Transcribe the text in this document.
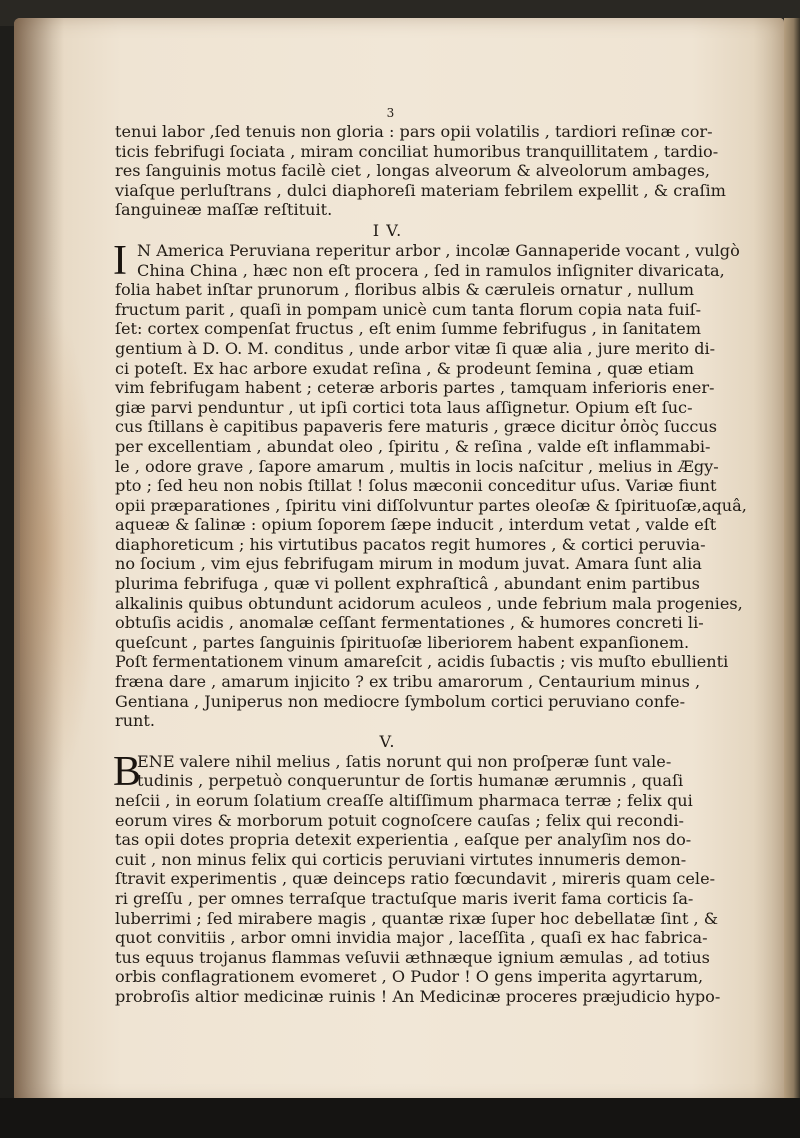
3
tenui labor ,ſed tenuis non gloria : pars opii volatilis , tardiori reſinæ cor-
ticis febrifugi ſociata , miram conciliat humoribus tranquillitatem , tardio-
res ſanguinis motus facilè ciet , longas alveorum & alveolorum ambages,
viaſque perluſtrans , dulci diaphoreſi materiam febrilem expellit , & craſim
ſanguineæ maſſæ reſtituit.
I V.
I N America Peruviana reperitur arbor , incolæ Gannaperide vocant , vulgò
China China , hæc non eſt procera , ſed in ramulos inſigniter divaricata,
folia habet inſtar prunorum , floribus albis & cæruleis ornatur , nullum
fructum parit , quaſi in pompam unicè cum tanta florum copia nata fuiſ-
ſet: cortex compenſat fructus , eſt enim ſumme febrifugus , in ſanitatem
gentium à D. O. M. conditus , unde arbor vitæ ſi quæ alia , jure merito di-
ci poteſt. Ex hac arbore exudat reſina , & prodeunt ſemina , quæ etiam
vim febrifugam habent ; ceteræ arboris partes , tamquam inferioris ener-
giæ parvi penduntur , ut ipſi cortici tota laus aſſignetur. Opium eſt ſuc-
cus ſtillans è capitibus papaveris fere maturis , græce dicitur ὀπὸς ſuccus
per excellentiam , abundat oleo , ſpiritu , & reſina , valde eſt inflammabi-
le , odore grave , ſapore amarum , multis in locis naſcitur , melius in Ægy-
pto ; ſed heu non nobis ſtillat ! ſolus mæconii conceditur uſus. Variæ fiunt
opii præparationes , ſpiritu vini diſſolvuntur partes oleoſæ & ſpirituoſæ,aquâ,
aqueæ & ſalinæ : opium ſoporem ſæpe inducit , interdum vetat , valde eſt
diaphoreticum ; his virtutibus pacatos regit humores , & cortici peruvia-
no ſocium , vim ejus febrifugam mirum in modum juvat. Amara ſunt alia
plurima febrifuga , quæ vi pollent exphraſticâ , abundant enim partibus
alkalinis quibus obtundunt acidorum aculeos , unde febrium mala progenies,
obtuſis acidis , anomalæ ceſſant fermentationes , & humores concreti li-
queſcunt , partes ſanguinis ſpirituoſæ liberiorem habent expanſionem.
Poſt fermentationem vinum amareſcit , acidis ſubactis ; vis muſto ebullienti
fræna dare , amarum injicito ? ex tribu amarorum , Centaurium minus ,
Gentiana , Juniperus non mediocre ſymbolum cortici peruviano confe-
runt.
V.
B
ENE valere nihil melius , ſatis norunt qui non proſperæ ſunt vale-
tudinis , perpetuò conqueruntur de ſortis humanæ ærumnis , quaſi
neſcii , in eorum ſolatium creaſſe altiſſimum pharmaca terræ ; felix qui
eorum vires & morborum potuit cognoſcere cauſas ; felix qui recondi-
tas opii dotes propria detexit experientia , eaſque per analyſim nos do-
cuit , non minus felix qui corticis peruviani virtutes innumeris demon-
ſtravit experimentis , quæ deinceps ratio fœcundavit , mireris quam cele-
ri greſſu , per omnes terraſque tractuſque maris iverit fama corticis ſa-
luberrimi ; ſed mirabere magis , quantæ rixæ ſuper hoc debellatæ ſint , &
quot convitiis , arbor omni invidia major , laceſſita , quaſi ex hac fabrica-
tus equus trojanus flammas veſuvii æthnæque ignium æmulas , ad totius
orbis conflagrationem evomeret , O Pudor ! O gens imperita agyrtarum,
probroſis altior medicinæ ruinis ! An Medicinæ proceres præjudicio hypo-
